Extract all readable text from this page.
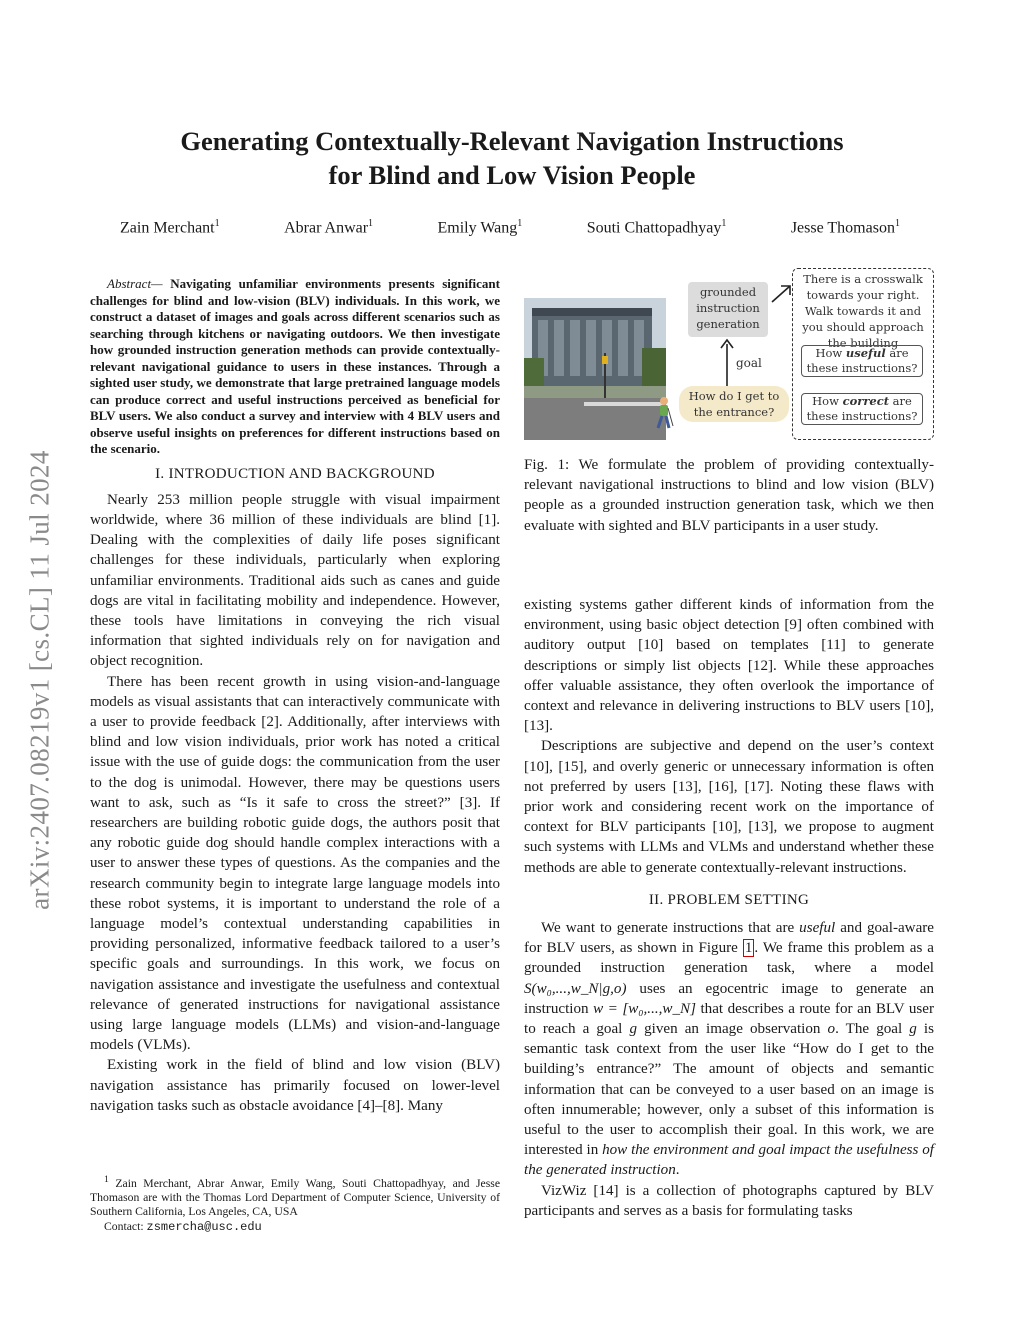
arXiv:2407.08219v1 [cs.CL] 11 Jul 2024
Generating Contextually-Relevant Navigation Instructions
for Blind and Low Vision People
Zain Merchant$^1$	Abrar Anwar$^1$	Emily Wang$^1$	Souti Chattopadhyay$^1$	Jesse Thomason$^1$

Abstract— Navigating unfamiliar environments presents significant challenges for blind and low-vision (BLV) individuals. In this work, we construct a dataset of images and goals across different scenarios such as searching through kitchens or navigating outdoors. We then investigate how grounded instruction generation methods can provide contextually-relevant navigational guidance to users in these instances. Through a sighted user study, we demonstrate that large pretrained language models can produce correct and useful instructions perceived as beneficial for BLV users. We also conduct a survey and interview with 4 BLV users and observe useful insights on preferences for different instructions based on the scenario.

I. INTRODUCTION AND BACKGROUND

Nearly 253 million people struggle with visual impairment worldwide, where 36 million of these individuals are blind [1]. Dealing with the complexities of daily life poses significant challenges for these individuals, particularly when exploring unfamiliar environments. Traditional aids such as canes and guide dogs are vital in facilitating mobility and independence. However, these tools have limitations in conveying the rich visual information that sighted individuals rely on for navigation and object recognition.

There has been recent growth in using vision-and-language models as visual assistants that can interactively communicate with a user to provide feedback [2]. Additionally, after interviews with blind and low vision individuals, prior work has noted a critical issue with the use of guide dogs: the communication from the user to the dog is unimodal. However, there may be questions users want to ask, such as “Is it safe to cross the street?” [3]. If researchers are building robotic guide dogs, the authors posit that any robotic guide dog should handle complex interactions with a user to answer these types of questions. As the companies and the research community begin to integrate large language models into these robot systems, it is important to understand the role of a language model’s contextual understanding capabilities in providing personalized, informative feedback tailored to a user’s specific goals and surroundings. In this work, we focus on navigation assistance and investigate the usefulness and contextual relevance of generated instructions for navigational assistance using large language models (LLMs) and vision-and-language models (VLMs).

Existing work in the field of blind and low vision (BLV) navigation assistance has primarily focused on lower-level navigation tasks such as obstacle avoidance [4]–[8]. Many

$^1$ Zain Merchant, Abrar Anwar, Emily Wang, Souti Chattopadhyay, and Jesse Thomason are with the Thomas Lord Department of Computer Science, University of Southern California, Los Angeles, CA, USA
Contact: zsmercha@usc.edu
grounded instruction generation
goal
How do I get to the entrance?
There is a crosswalk towards your right. Walk towards it and you should approach the building
How useful are these instructions?
How correct are these instructions?
Fig. 1: We formulate the problem of providing contextually-relevant navigational instructions to blind and low vision (BLV) people as a grounded instruction generation task, which we then evaluate with sighted and BLV participants in a user study.

existing systems gather different kinds of information from the environment, using basic object detection [9] often combined with auditory output [10] based on templates [11] to generate descriptions or simply list objects [12]. While these approaches offer valuable assistance, they often overlook the importance of context and relevance in delivering instructions to BLV users [10], [13].

Descriptions are subjective and depend on the user’s context [10], [15], and overly generic or unnecessary information is often not preferred by users [13], [16], [17]. Noting these flaws with prior work and considering recent work on the importance of context for BLV participants [10], [13], we propose to augment such systems with LLMs and VLMs and understand whether these methods are able to generate contextually-relevant instructions.

II. PROBLEM SETTING

We want to generate instructions that are useful and goal-aware for BLV users, as shown in Figure 1 . We frame this problem as a grounded instruction generation task, where a model S(w₀,...,w_N|g,o) uses an egocentric image to generate an instruction w = [w₀,...,w_N] that describes a route for an BLV user to reach a goal g given an image observation o. The goal g is semantic task context from the user like “How do I get to the building’s entrance?” The amount of objects and semantic information that can be conveyed to a user based on an image is often innumerable; however, only a subset of this information is useful to the user to accomplish their goal. In this work, we are interested in how the environment and goal impact the usefulness of the generated instruction.

VizWiz [14] is a collection of photographs captured by BLV participants and serves as a basis for formulating tasks
